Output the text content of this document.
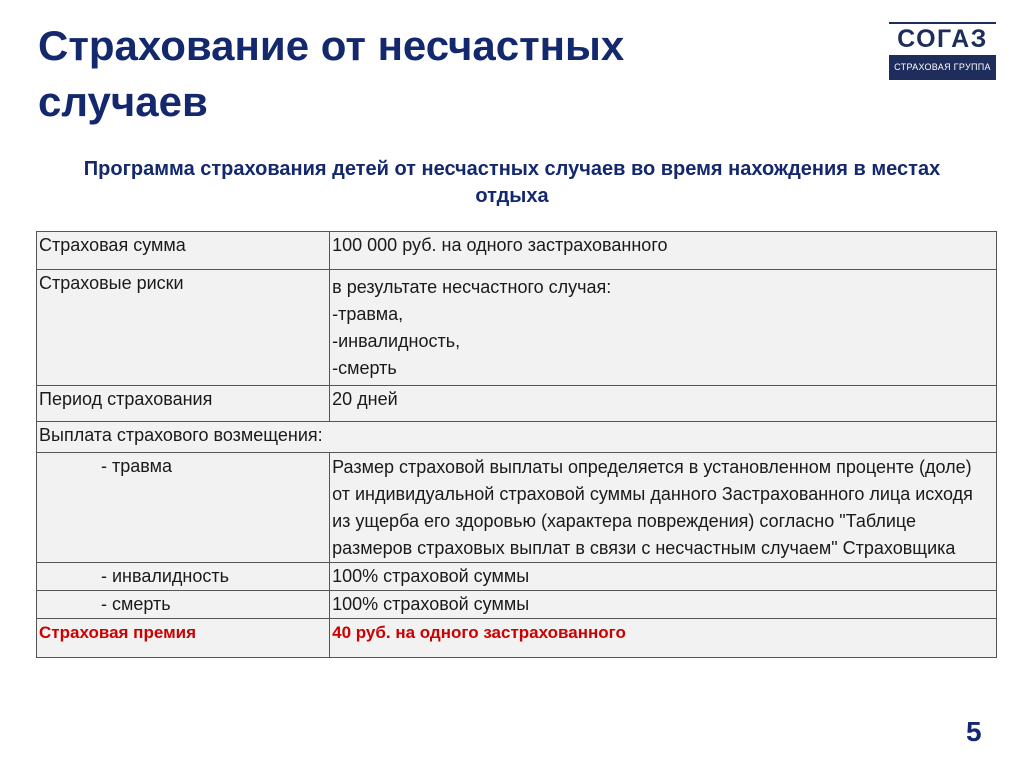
Страхование от несчастных случаев
СОГАЗ
СТРАХОВАЯ ГРУППА
Программа страхования детей от несчастных случаев во время нахождения в местах отдыха
Страховая сумма	100 000 руб. на одного застрахованного
Страховые риски	в результате несчастного случая:
-травма,
-инвалидность,
-смерть

Период страхования	20 дней
Выплата страхового возмещения:	
- травма	Размер страховой выплаты определяется в установленном проценте (доле) от индивидуальной страховой суммы данного Застрахованного лица исходя из ущерба его здоровью (характера повреждения) согласно "Таблице размеров страховых выплат в связи с несчастным случаем" Страховщика
- инвалидность	100% страховой суммы
- смерть	100% страховой суммы
Страховая премия	40 руб. на одного застрахованного
5
